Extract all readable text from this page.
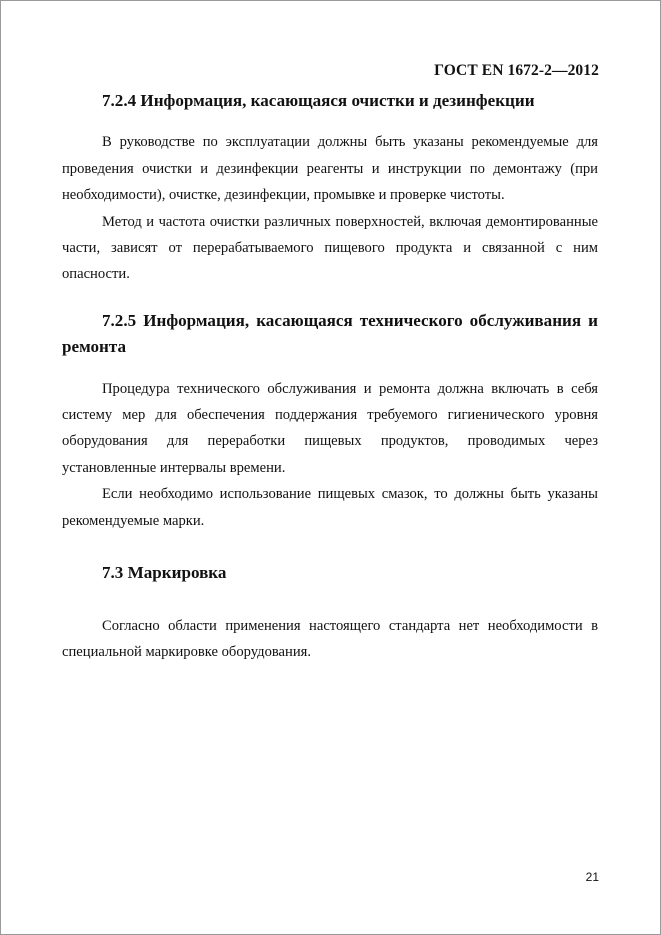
ГОСТ EN 1672-2—2012
7.2.4 Информация, касающаяся очистки и дезинфекции

В руководстве по эксплуатации должны быть указаны рекомендуемые для проведения очистки и дезинфекции реагенты и инструкции по демонтажу (при необходимости), очистке, дезинфекции, промывке и проверке чистоты.

Метод и частота очистки различных поверхностей, включая демонтированные части, зависят от перерабатываемого пищевого продукта и связанной с ним опасности.

7.2.5 Информация, касающаяся технического обслуживания и ремонта

Процедура технического обслуживания и ремонта должна включать в себя систему мер для обеспечения поддержания требуемого гигиенического уровня оборудования для переработки пищевых продуктов, проводимых через установленные интервалы времени.

Если необходимо использование пищевых смазок, то должны быть указаны рекомендуемые марки.

7.3 Маркировка

Согласно области применения настоящего стандарта нет необходимости в специальной маркировке оборудования.

21
